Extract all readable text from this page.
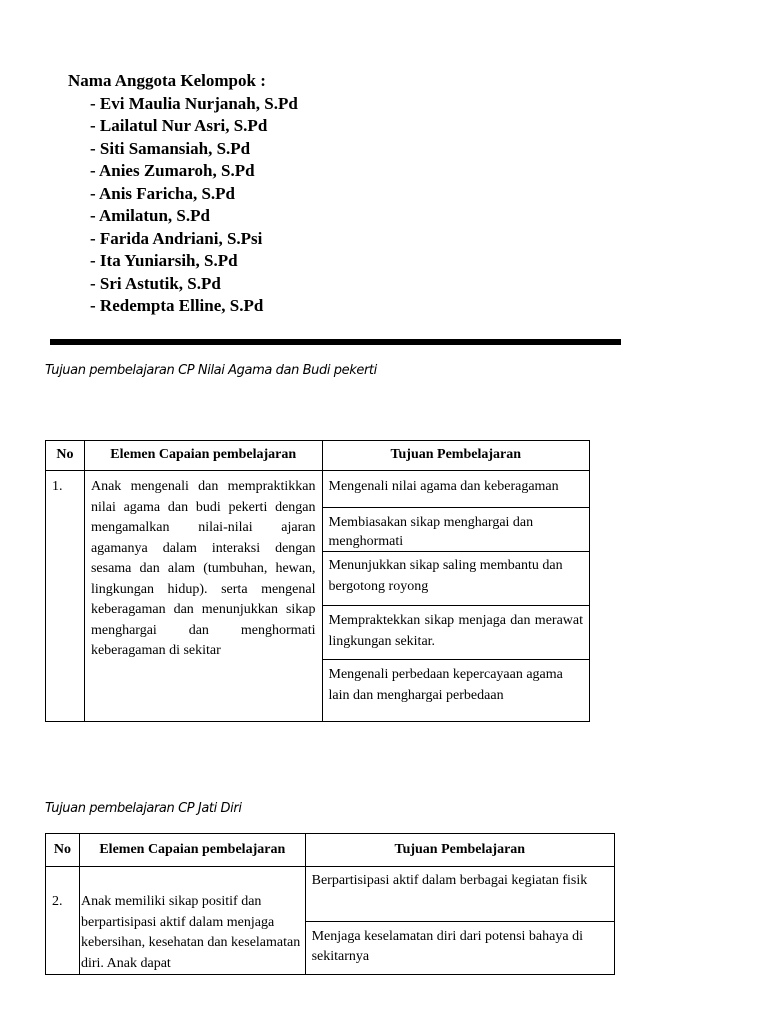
Nama Anggota Kelompok :

- Evi Maulia Nurjanah, S.Pd
- Lailatul Nur Asri, S.Pd
- Siti Samansiah, S.Pd
- Anies Zumaroh, S.Pd
- Anis Faricha, S.Pd
- Amilatun, S.Pd
- Farida Andriani, S.Psi
- Ita Yuniarsih, S.Pd
- Sri Astutik, S.Pd
- Redempta Elline, S.Pd
Tujuan pembelajaran CP Nilai Agama dan Budi pekerti
No	Elemen Capaian pembelajaran	Tujuan Pembelajaran
1.	Anak mengenali dan mempraktikkan nilai agama dan budi pekerti dengan mengamalkan nilai-nilai ajaran agamanya dalam interaksi dengan sesama dan alam (tumbuhan, hewan, lingkungan hidup). serta mengenal keberagaman dan menunjukkan sikap menghargai dan menghormati keberagaman di sekitar	Mengenali nilai agama dan keberagaman
		Membiasakan sikap menghargai dan menghormati
		Menunjukkan sikap saling membantu dan bergotong royong
		Mempraktekkan sikap menjaga dan merawat lingkungan sekitar.
		Mengenali perbedaan kepercayaan agama lain dan menghargai perbedaan
Tujuan pembelajaran CP Jati Diri
No	Elemen Capaian pembelajaran	Tujuan Pembelajaran
2.	Anak memiliki sikap positif dan berpartisipasi aktif dalam menjaga kebersihan, kesehatan dan keselamatan diri. Anak dapat	Berpartisipasi aktif dalam berbagai kegiatan fisik
		Menjaga keselamatan diri dari potensi bahaya di sekitarnya
